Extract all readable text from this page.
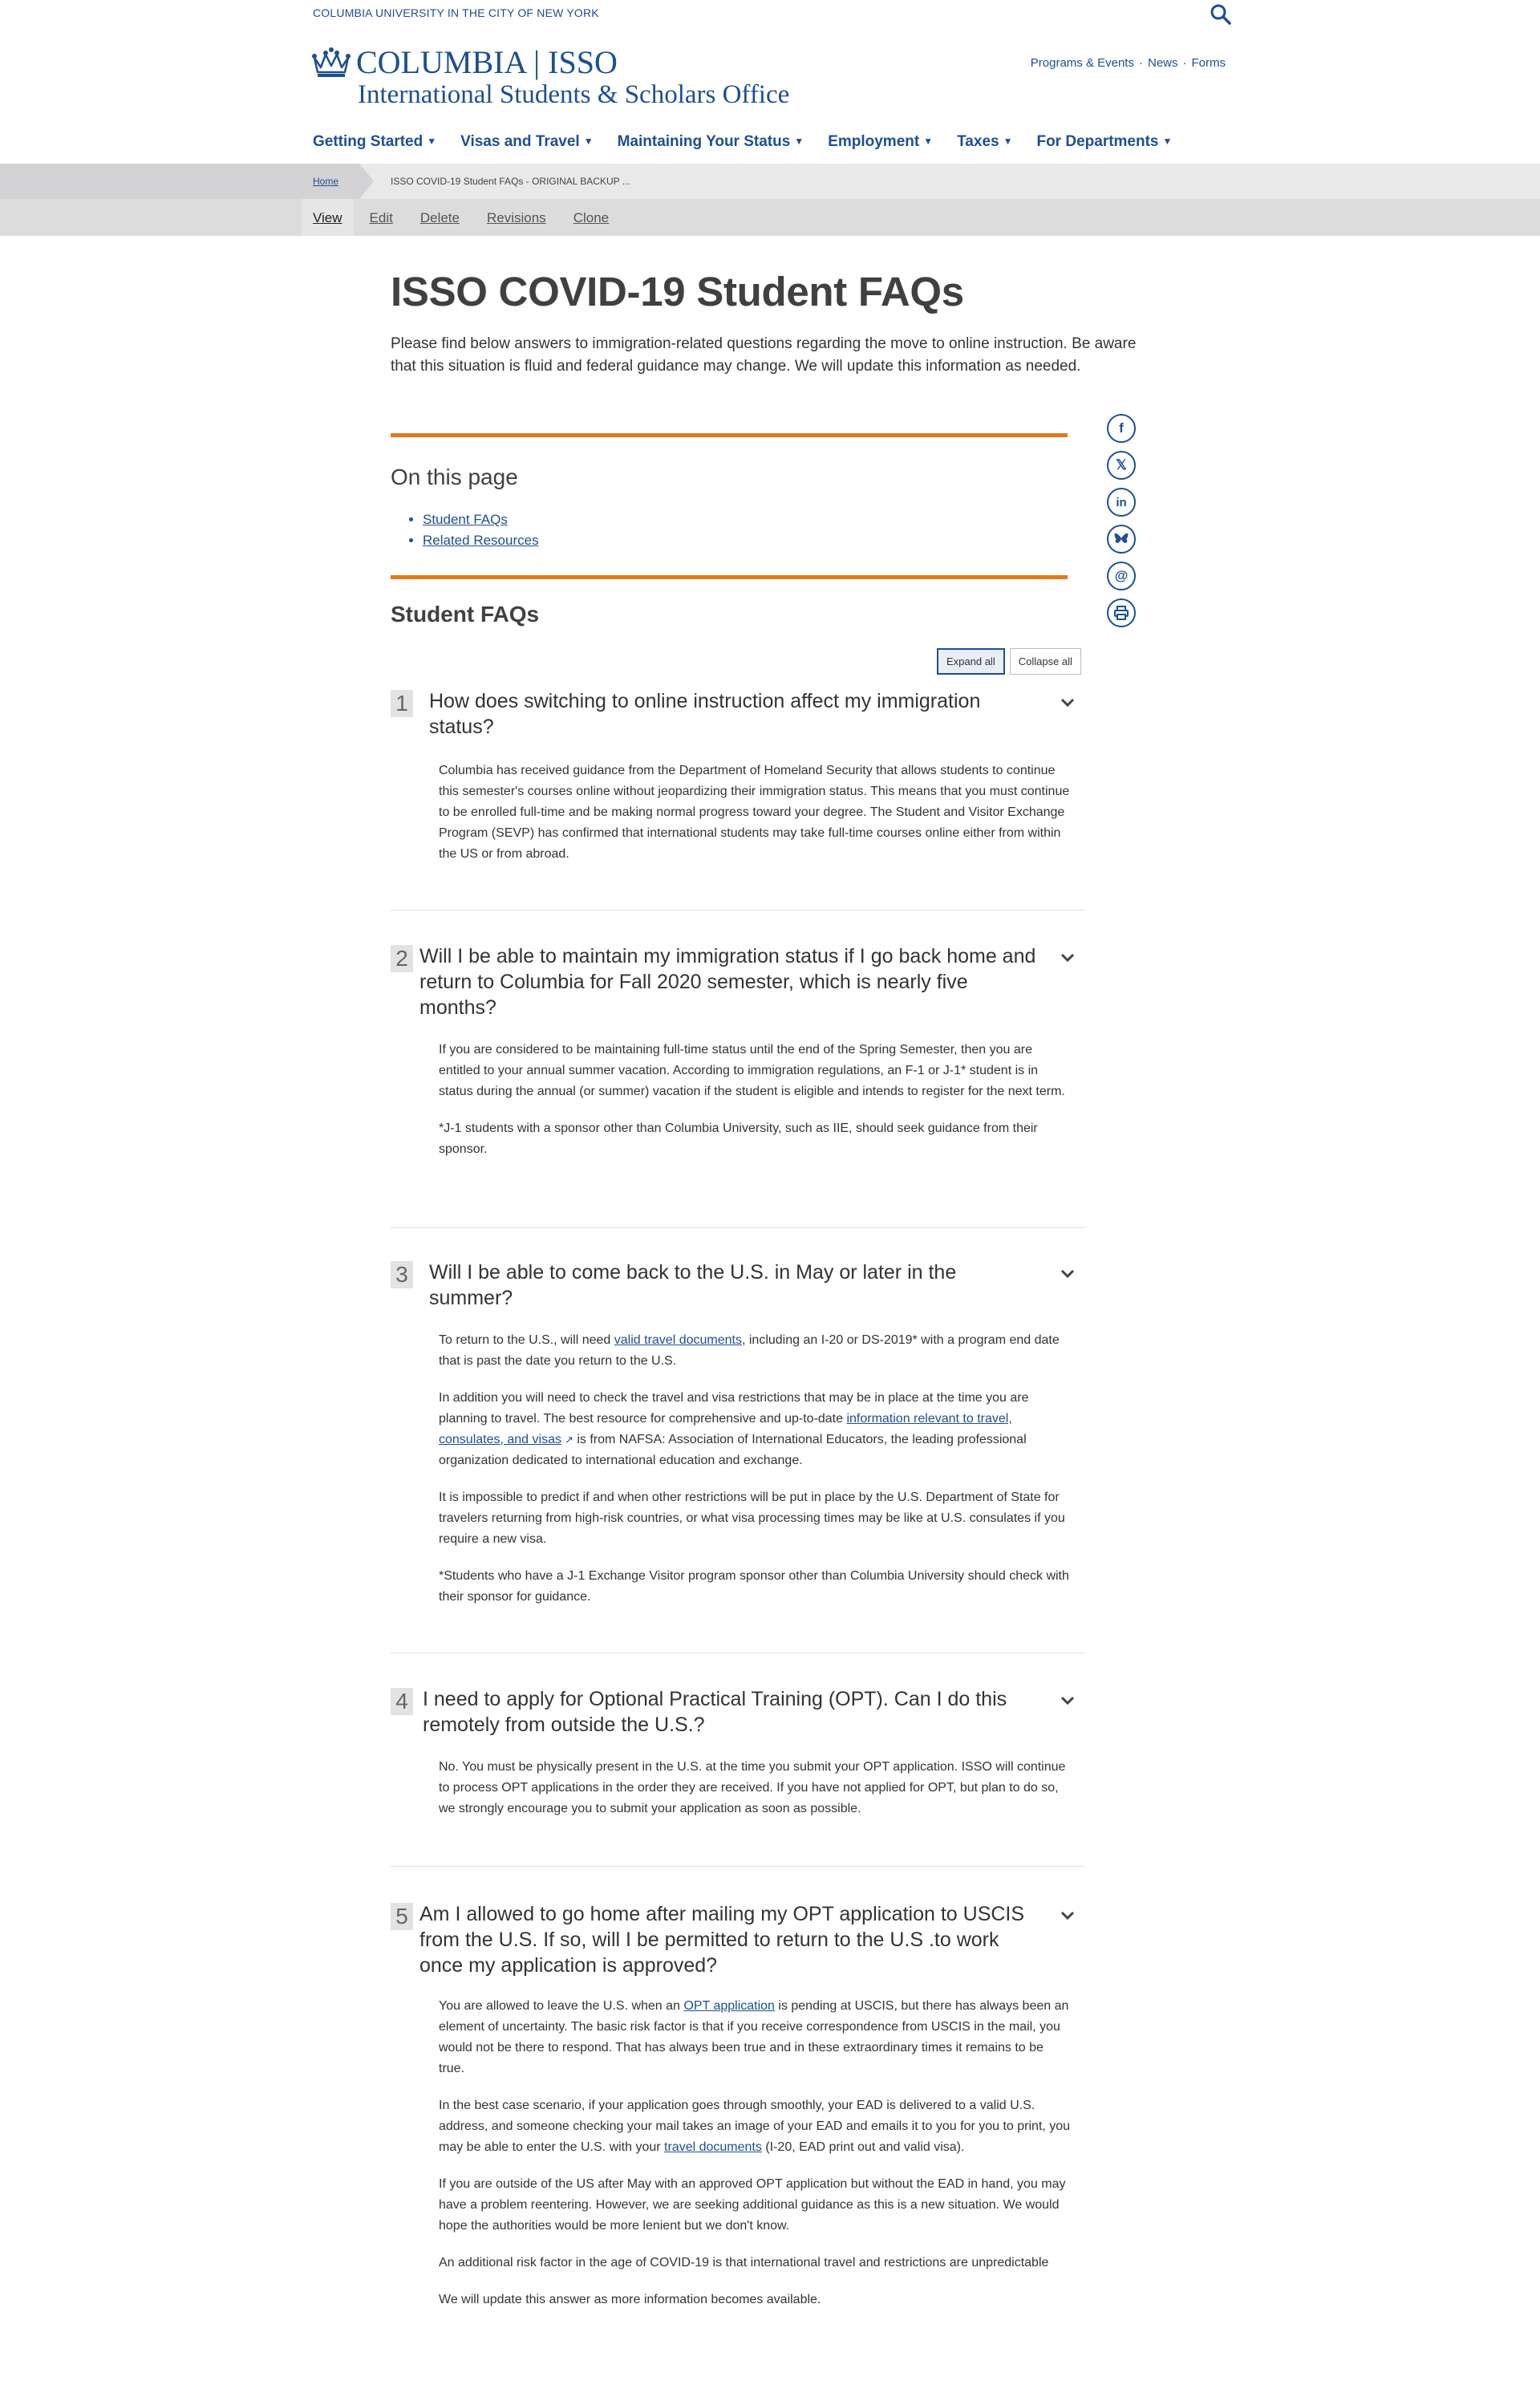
COLUMBIA UNIVERSITY IN THE CITY OF NEW YORK
COLUMBIA | ISSO
International Students & Scholars Office
Programs & Events · News · Forms
Getting Started ▼ Visas and Travel ▼ Maintaining Your Status ▼ Employment ▼ Taxes ▼ For Departments ▼
Home	ISSO COVID-19 Student FAQs - ORIGINAL BACKUP ...
View	Edit	Delete	Revisions	Clone
ISSO COVID-19 Student FAQs

Please find below answers to immigration-related questions regarding the move to online instruction. Be aware that this situation is fluid and federal guidance may change. We will update this information as needed.

On this page
• Student FAQs
• Related Resources
f
𝕏
in
@
Student FAQs
Expand all	Collapse all
1 How does switching to online instruction affect my immigration status?

Columbia has received guidance from the Department of Homeland Security that allows students to continue this semester's courses online without jeopardizing their immigration status. This means that you must continue to be enrolled full-time and be making normal progress toward your degree. The Student and Visitor Exchange Program (SEVP) has confirmed that international students may take full-time courses online either from within the US or from abroad.

2 Will I be able to maintain my immigration status if I go back home and return to Columbia for Fall 2020 semester, which is nearly five months?

If you are considered to be maintaining full-time status until the end of the Spring Semester, then you are entitled to your annual summer vacation. According to immigration regulations, an F-1 or J-1* student is in status during the annual (or summer) vacation if the student is eligible and intends to register for the next term.

*J-1 students with a sponsor other than Columbia University, such as IIE, should seek guidance from their sponsor.

3 Will I be able to come back to the U.S. in May or later in the summer?

To return to the U.S., will need valid travel documents, including an I-20 or DS-2019* with a program end date that is past the date you return to the U.S.

In addition you will need to check the travel and visa restrictions that may be in place at the time you are planning to travel. The best resource for comprehensive and up-to-date information relevant to travel, consulates, and visas ↗ is from NAFSA: Association of International Educators, the leading professional organization dedicated to international education and exchange.

It is impossible to predict if and when other restrictions will be put in place by the U.S. Department of State for travelers returning from high-risk countries, or what visa processing times may be like at U.S. consulates if you require a new visa.

*Students who have a J-1 Exchange Visitor program sponsor other than Columbia University should check with their sponsor for guidance.

4 I need to apply for Optional Practical Training (OPT). Can I do this remotely from outside the U.S.?

No. You must be physically present in the U.S. at the time you submit your OPT application. ISSO will continue to process OPT applications in the order they are received. If you have not applied for OPT, but plan to do so, we strongly encourage you to submit your application as soon as possible.

5 Am I allowed to go home after mailing my OPT application to USCIS from the U.S. If so, will I be permitted to return to the U.S .to work once my application is approved?

You are allowed to leave the U.S. when an OPT application is pending at USCIS, but there has always been an element of uncertainty. The basic risk factor is that if you receive correspondence from USCIS in the mail, you would not be there to respond. That has always been true and in these extraordinary times it remains to be true.

In the best case scenario, if your application goes through smoothly, your EAD is delivered to a valid U.S. address, and someone checking your mail takes an image of your EAD and emails it to you for you to print, you may be able to enter the U.S. with your travel documents (I-20, EAD print out and valid visa).

If you are outside of the US after May with an approved OPT application but without the EAD in hand, you may have a problem reentering. However, we are seeking additional guidance as this is a new situation. We would hope the authorities would be more lenient but we don't know.

An additional risk factor in the age of COVID-19 is that international travel and restrictions are unpredictable

We will update this answer as more information becomes available.
